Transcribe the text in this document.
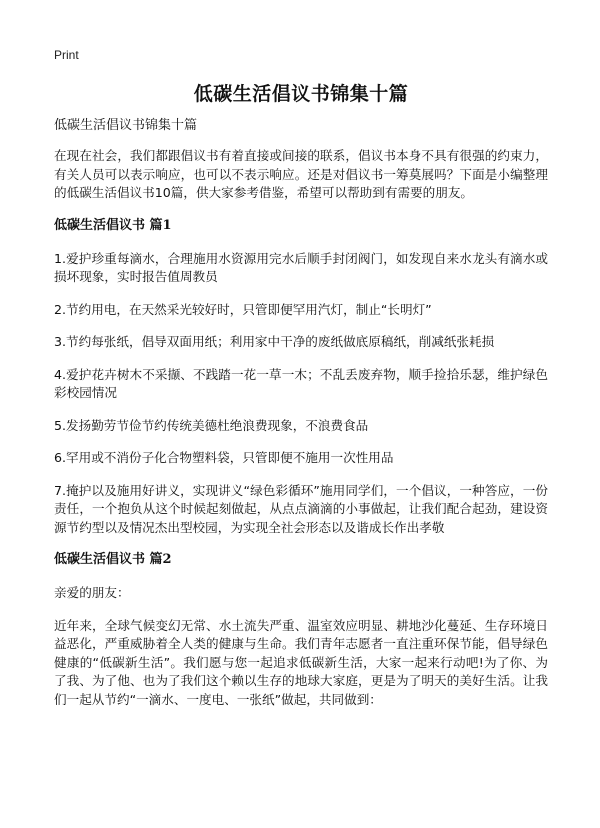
Print
低碳生活倡议书锦集十篇
低碳生活倡议书锦集十篇

在现在社会，我们都跟倡议书有着直接或间接的联系，倡议书本身不具有很强的约束力，有关人员可以表示响应，也可以不表示响应。还是对倡议书一筹莫展吗？下面是小编整理的低碳生活倡议书10篇，供大家参考借鉴，希望可以帮助到有需要的朋友。

低碳生活倡议书 篇1

1.爱护珍重每滴水，合理施用水资源用完水后顺手封闭阀门，如发现自来水龙头有滴水或损坏现象，实时报告值周教员

2.节约用电，在天然采光较好时，只管即便罕用汽灯，制止“长明灯”

3.节约每张纸，倡导双面用纸；利用家中干净的废纸做底原稿纸，削减纸张耗损

4.爱护花卉树木不采撷、不践踏一花一草一木；不乱丢废弃物，顺手捡拾乐瑟，维护绿色彩校园情况

5.发扬勤劳节俭节约传统美德杜绝浪费现象，不浪费食品

6.罕用或不消份子化合物塑料袋，只管即便不施用一次性用品

7.掩护以及施用好讲义，实现讲义“绿色彩循环”施用同学们，一个倡议，一种答应，一份责任，一个抱负从这个时候起刻做起，从点点滴滴的小事做起，让我们配合起劲，建设资源节约型以及情况杰出型校园，为实现全社会形态以及谐成长作出孝敬

低碳生活倡议书 篇2

亲爱的朋友：

近年来，全球气候变幻无常、水土流失严重、温室效应明显、耕地沙化蔓延、生存环境日益恶化，严重威胁着全人类的健康与生命。我们青年志愿者一直注重环保节能，倡导绿色健康的“低碳新生活”。我们愿与您一起追求低碳新生活，大家一起来行动吧!为了你、为了我、为了他、也为了我们这个赖以生存的地球大家庭，更是为了明天的美好生活。让我们一起从节约“一滴水、一度电、一张纸”做起，共同做到：
